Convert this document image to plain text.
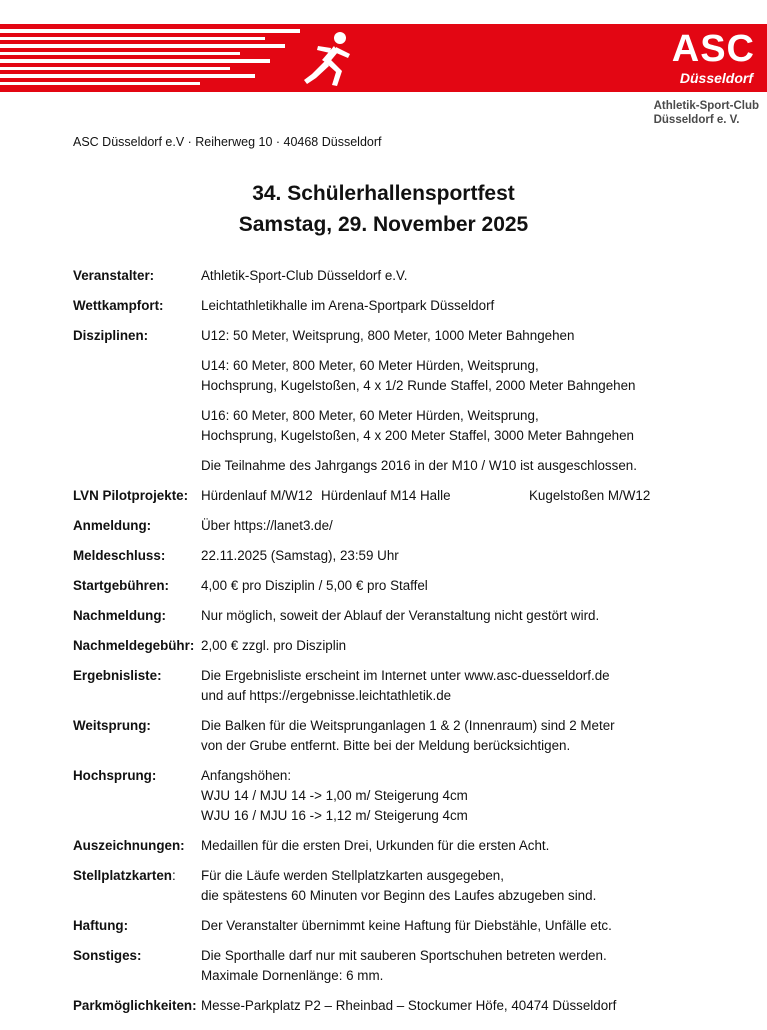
ASC
Düsseldorf
Athletik-Sport-Club
Düsseldorf e. V.
ASC Düsseldorf e.V · Reiherweg 10 · 40468 Düsseldorf
34. Schülerhallensportfest
Samstag, 29. November 2025
Veranstalter:	Athletik-Sport-Club Düsseldorf e.V.
Wettkampfort:	Leichtathletikhalle im Arena-Sportpark Düsseldorf
Disziplinen:	U12: 50 Meter, Weitsprung, 800 Meter, 1000 Meter Bahngehen
U14: 60 Meter, 800 Meter, 60 Meter Hürden, Weitsprung,
Hochsprung, Kugelstoßen, 4 x 1/2 Runde Staffel, 2000 Meter Bahngehen
U16: 60 Meter, 800 Meter, 60 Meter Hürden, Weitsprung,
Hochsprung, Kugelstoßen, 4 x 200 Meter Staffel, 3000 Meter Bahngehen
Die Teilnahme des Jahrgangs 2016 in der M10 / W10 ist ausgeschlossen.
LVN Pilotprojekte: Hürdenlauf M/W12 Hürdenlauf M14 Halle	Kugelstoßen M/W12
Anmeldung:	Über https://lanet3.de/
Meldeschluss:	22.11.2025 (Samstag), 23:59 Uhr
Startgebühren:	4,00 € pro Disziplin / 5,00 € pro Staffel
Nachmeldung:	Nur möglich, soweit der Ablauf der Veranstaltung nicht gestört wird.
Nachmeldegebühr: 2,00 € zzgl. pro Disziplin
Ergebnisliste:	Die Ergebnisliste erscheint im Internet unter www.asc-duesseldorf.de
und auf https://ergebnisse.leichtathletik.de
Weitsprung:	Die Balken für die Weitsprunganlagen 1 & 2 (Innenraum) sind 2 Meter
von der Grube entfernt. Bitte bei der Meldung berücksichtigen.
Hochsprung:	Anfangshöhen:
WJU 14 / MJU 14 -> 1,00 m/ Steigerung 4cm
WJU 16 / MJU 16 -> 1,12 m/ Steigerung 4cm
Auszeichnungen:	Medaillen für die ersten Drei, Urkunden für die ersten Acht.
Stellplatzkarten:	Für die Läufe werden Stellplatzkarten ausgegeben,
die spätestens 60 Minuten vor Beginn des Laufes abzugeben sind.
Haftung:	Der Veranstalter übernimmt keine Haftung für Diebstähle, Unfälle etc.
Sonstiges:	Die Sporthalle darf nur mit sauberen Sportschuhen betreten werden.
Maximale Dornenlänge: 6 mm.
Parkmöglichkeiten: Messe-Parkplatz P2 – Rheinbad – Stockumer Höfe, 40474 Düsseldorf
